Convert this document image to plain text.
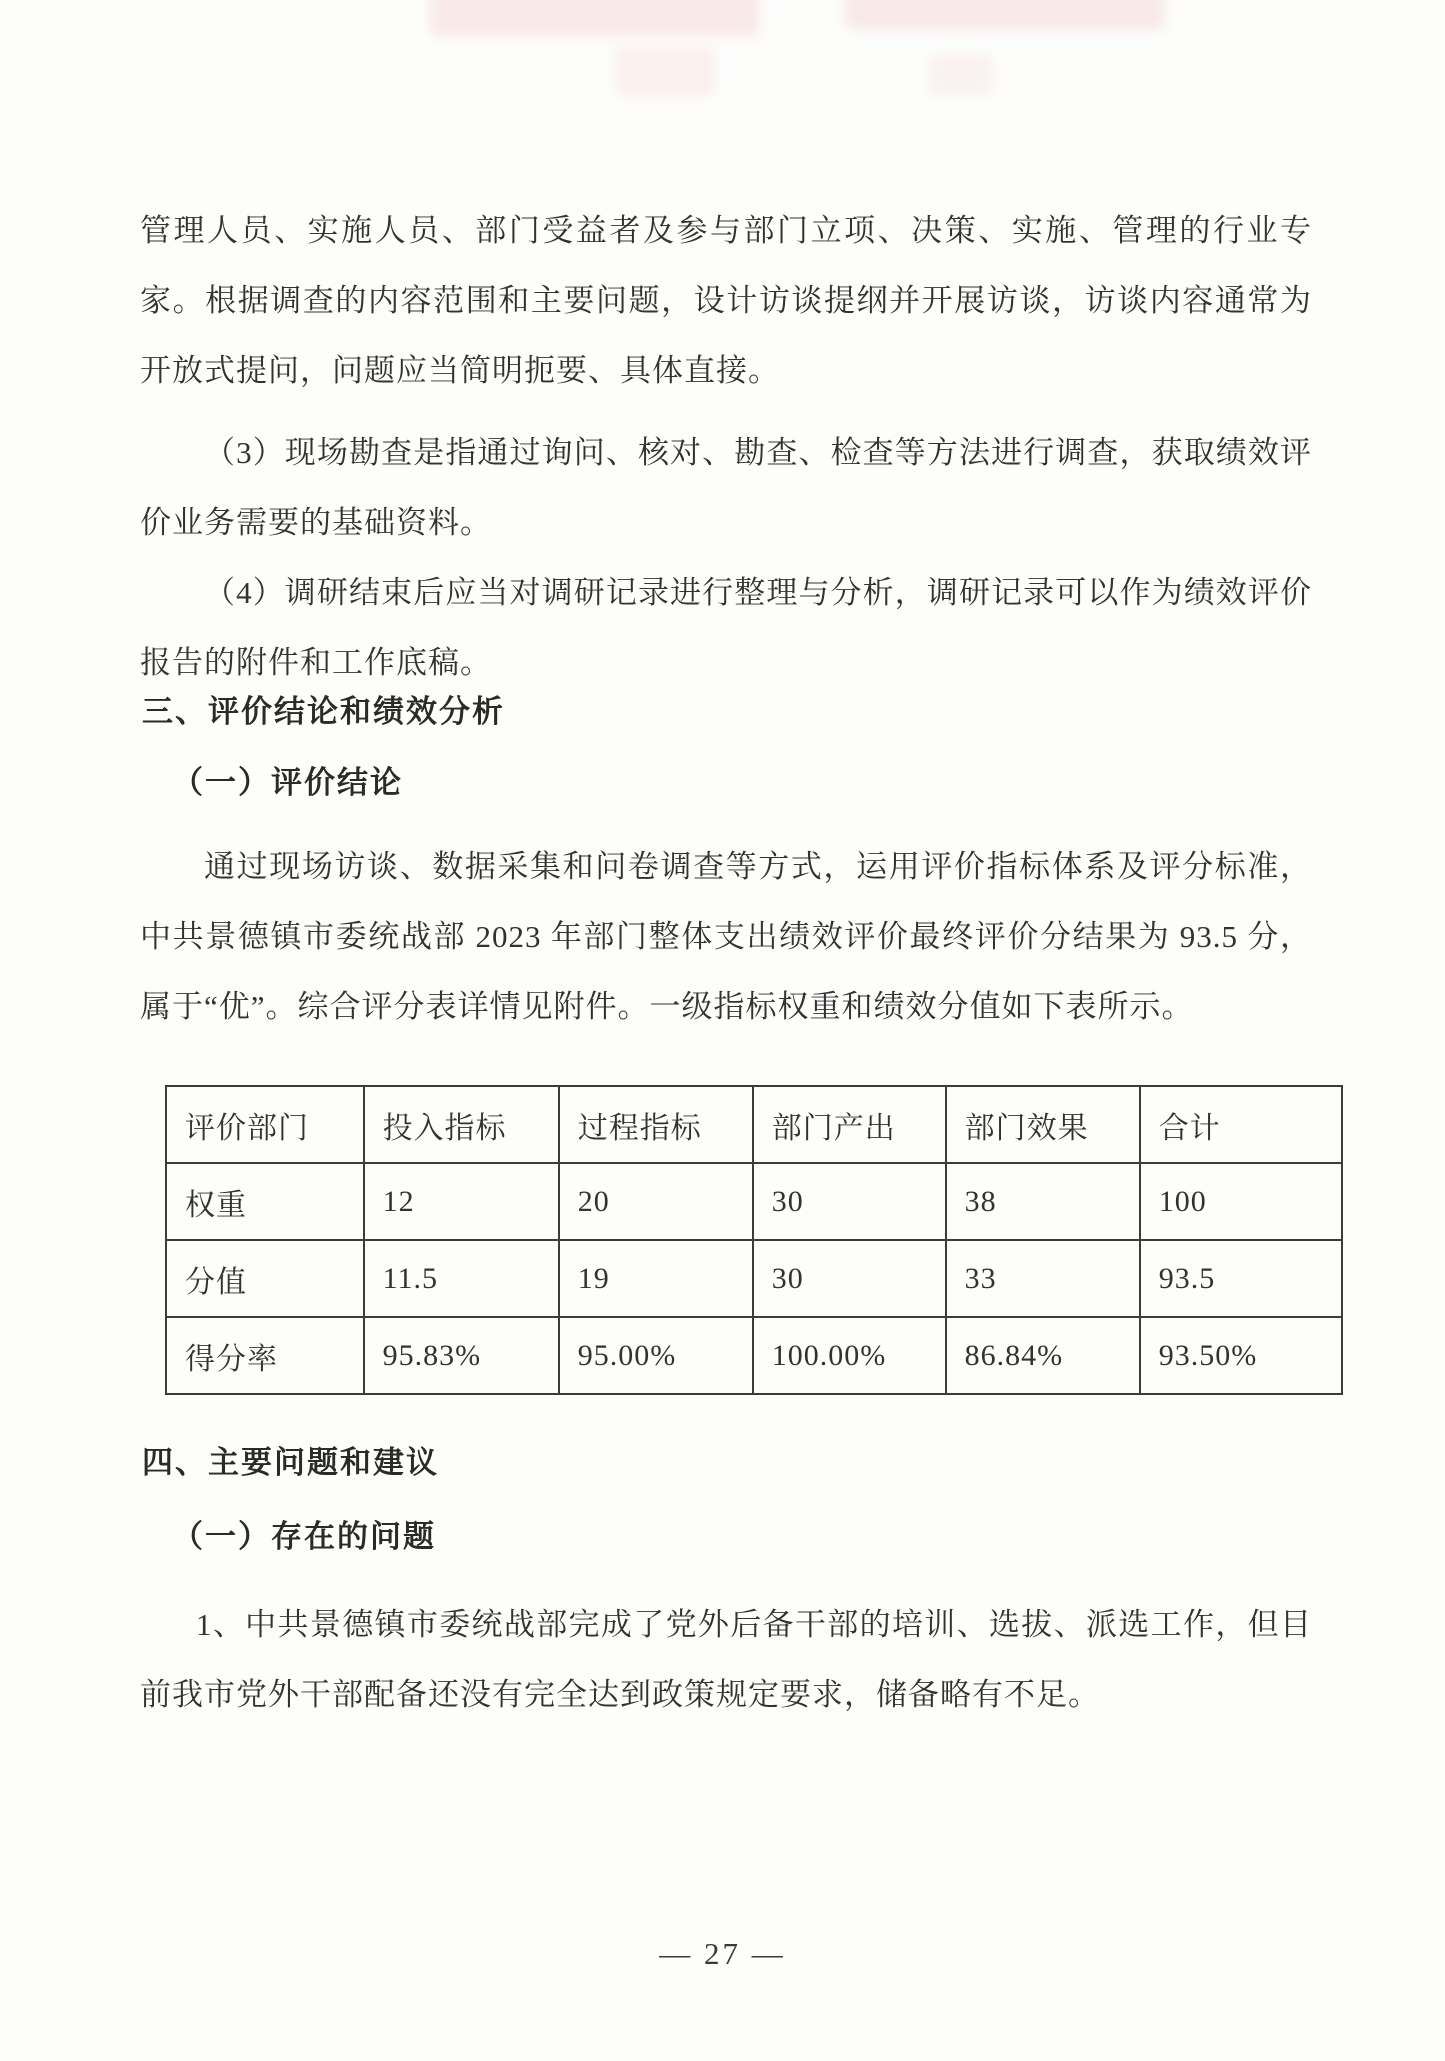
管理人员、实施人员、部门受益者及参与部门立项、决策、实施、管理的行业专家。根据调查的内容范围和主要问题，设计访谈提纲并开展访谈，访谈内容通常为开放式提问，问题应当简明扼要、具体直接。
（3）现场勘查是指通过询问、核对、勘查、检查等方法进行调查，获取绩效评价业务需要的基础资料。
（4）调研结束后应当对调研记录进行整理与分析，调研记录可以作为绩效评价报告的附件和工作底稿。
三、评价结论和绩效分析
（一）评价结论
通过现场访谈、数据采集和问卷调查等方式，运用评价指标体系及评分标准，中共景德镇市委统战部 2023 年部门整体支出绩效评价最终评价分结果为 93.5 分，属于“优”。综合评分表详情见附件。一级指标权重和绩效分值如下表所示。
评价部门	投入指标	过程指标	部门产出	部门效果	合计
权重	12	20	30	38	100
分值	11.5	19	30	33	93.5
得分率	95.83%	95.00%	100.00%	86.84%	93.50%
四、主要问题和建议
（一）存在的问题
1、中共景德镇市委统战部完成了党外后备干部的培训、选拔、派选工作，但目前我市党外干部配备还没有完全达到政策规定要求，储备略有不足。
— 27 —
